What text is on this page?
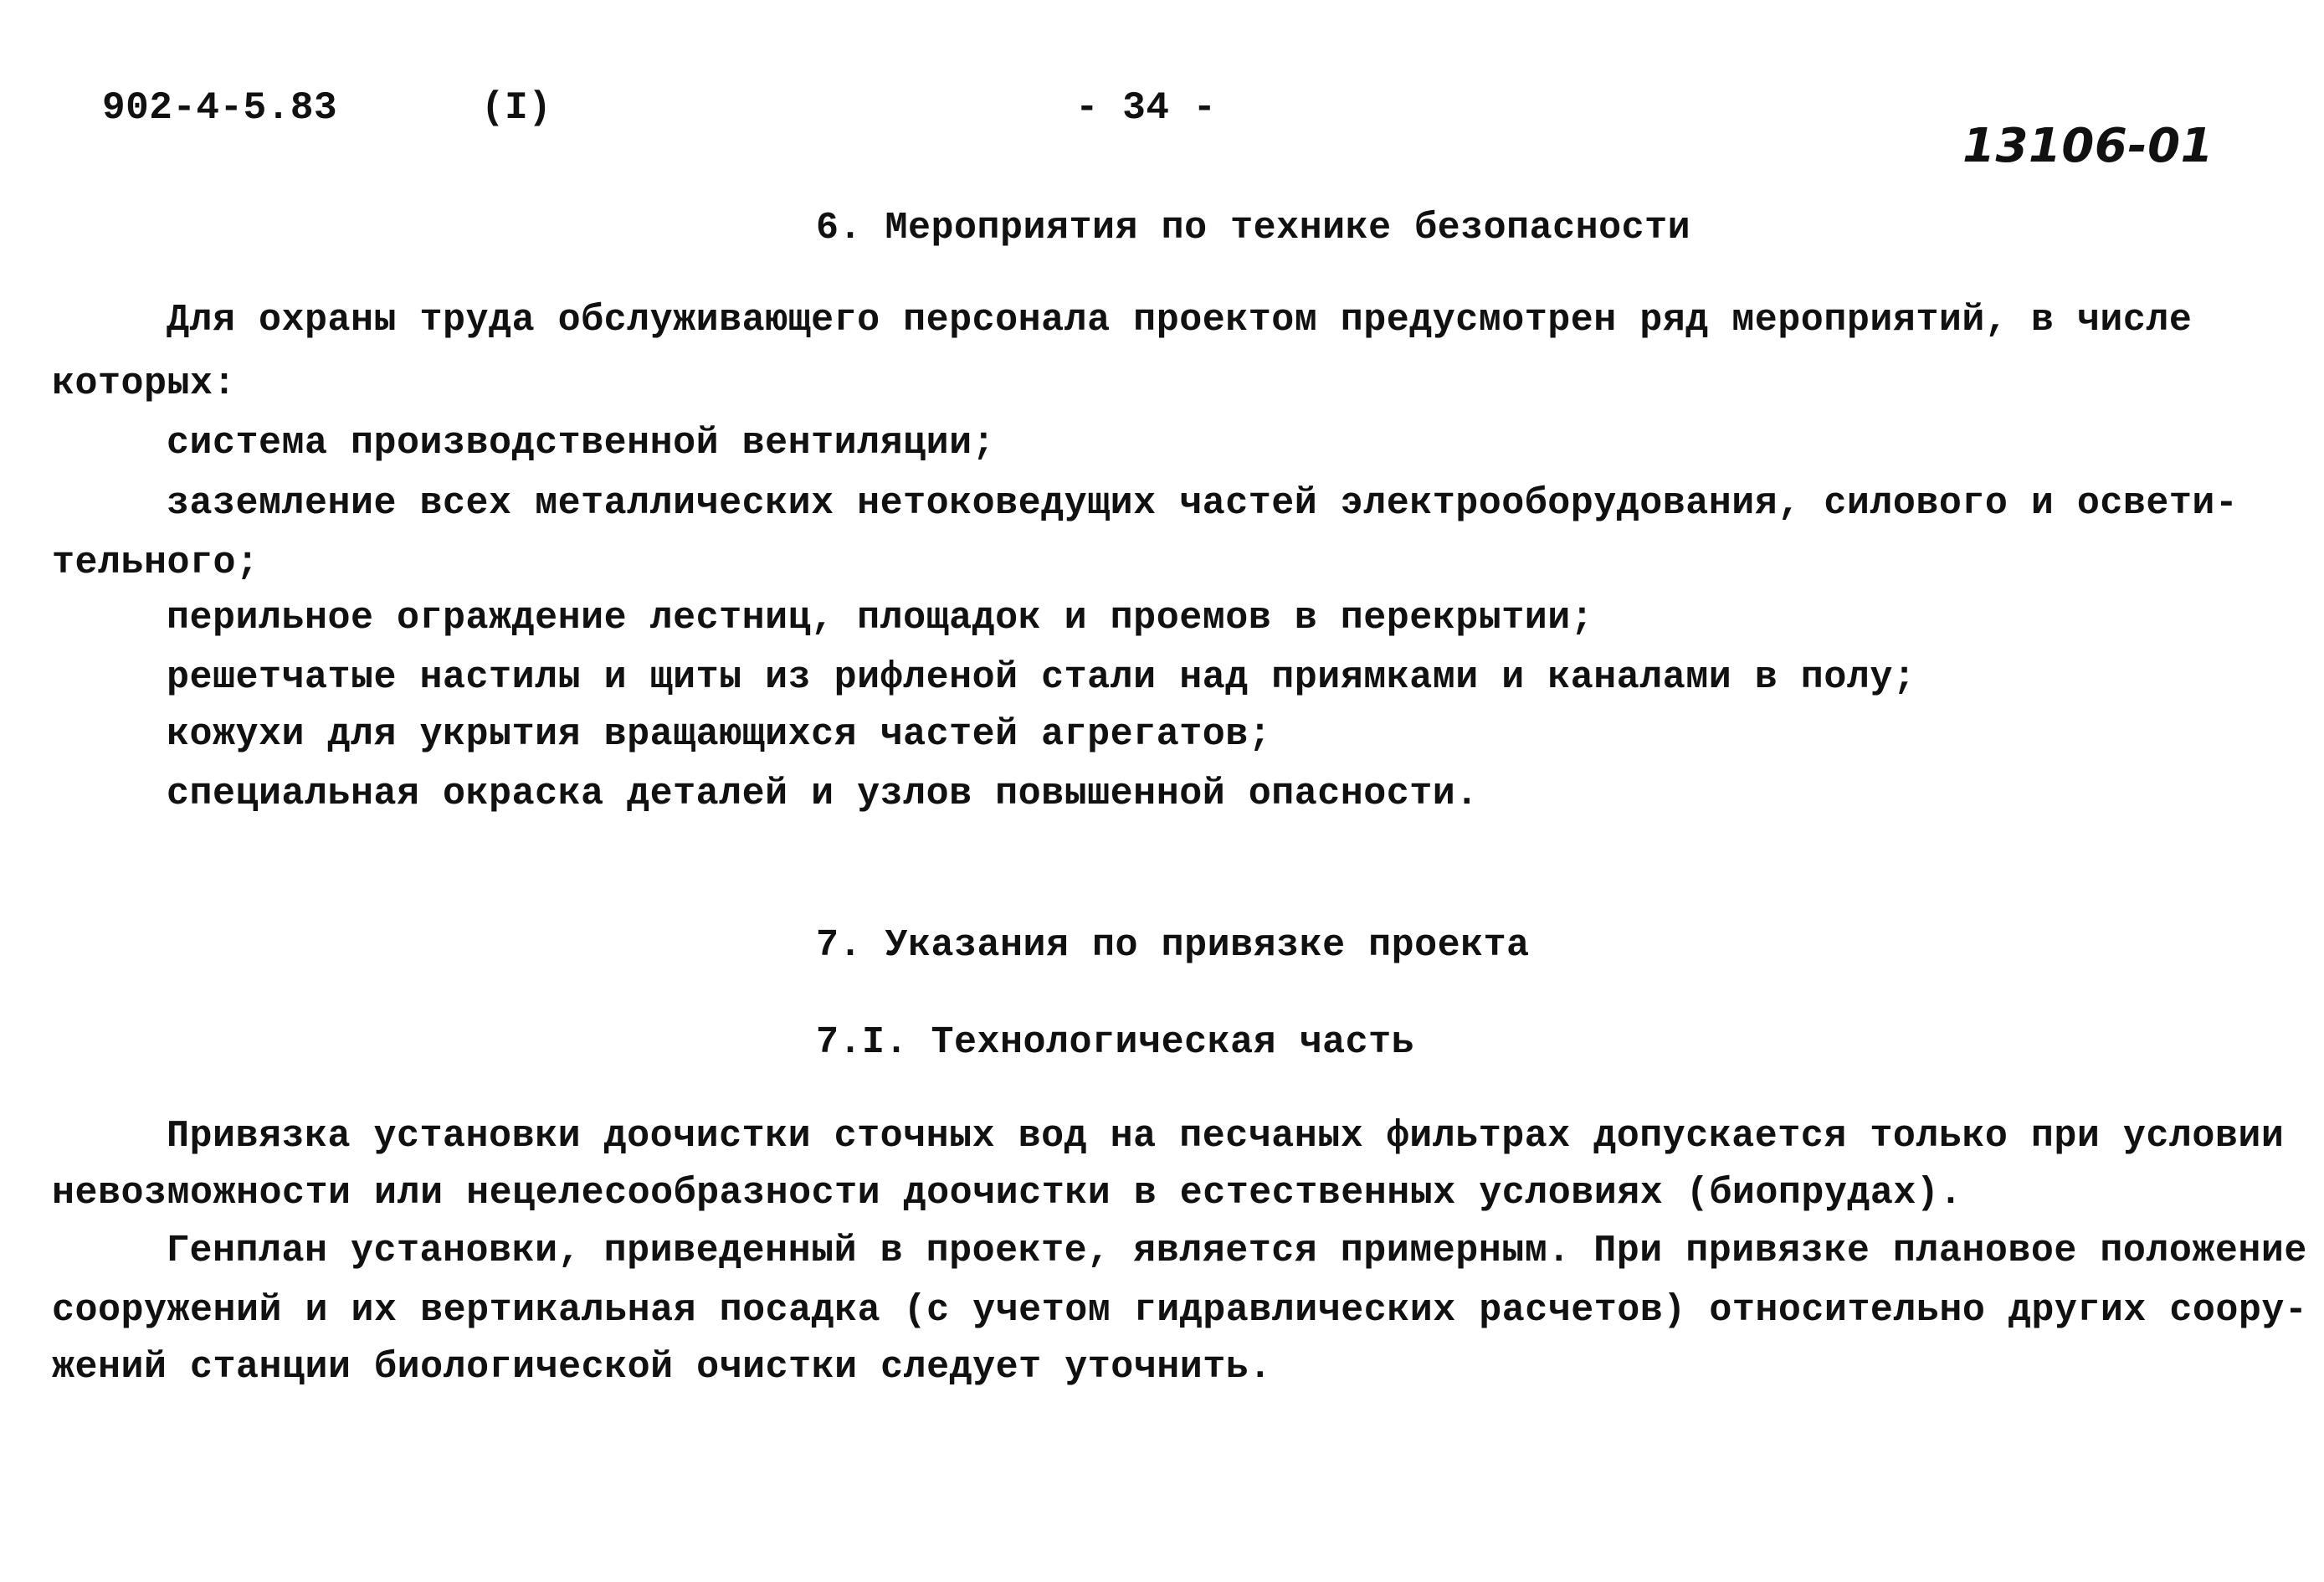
902-4-5.83	(I)	- 34 -
13106-01
6. Мероприятия по технике безопасности
Для охраны труда обслуживающего персонала проектом предусмотрен ряд мероприятий, в числе
которых:
система производственной вентиляции;
заземление всех металлических нетоковедущих частей электрооборудования, силового и освети-
тельного;
перильное ограждение лестниц, площадок и проемов в перекрытии;
решетчатые настилы и щиты из рифленой стали над приямками и каналами в полу;
кожухи для укрытия вращающихся частей агрегатов;
специальная окраска деталей и узлов повышенной опасности.
7. Указания по привязке проекта
7.I. Технологическая часть
Привязка установки доочистки сточных вод на песчаных фильтрах допускается только при условии
невозможности или нецелесообразности доочистки в естественных условиях (биопрудах).
Генплан установки, приведенный в проекте, является примерным. При привязке плановое положение
сооружений и их вертикальная посадка (с учетом гидравлических расчетов) относительно других соору-
жений станции биологической очистки следует уточнить.
